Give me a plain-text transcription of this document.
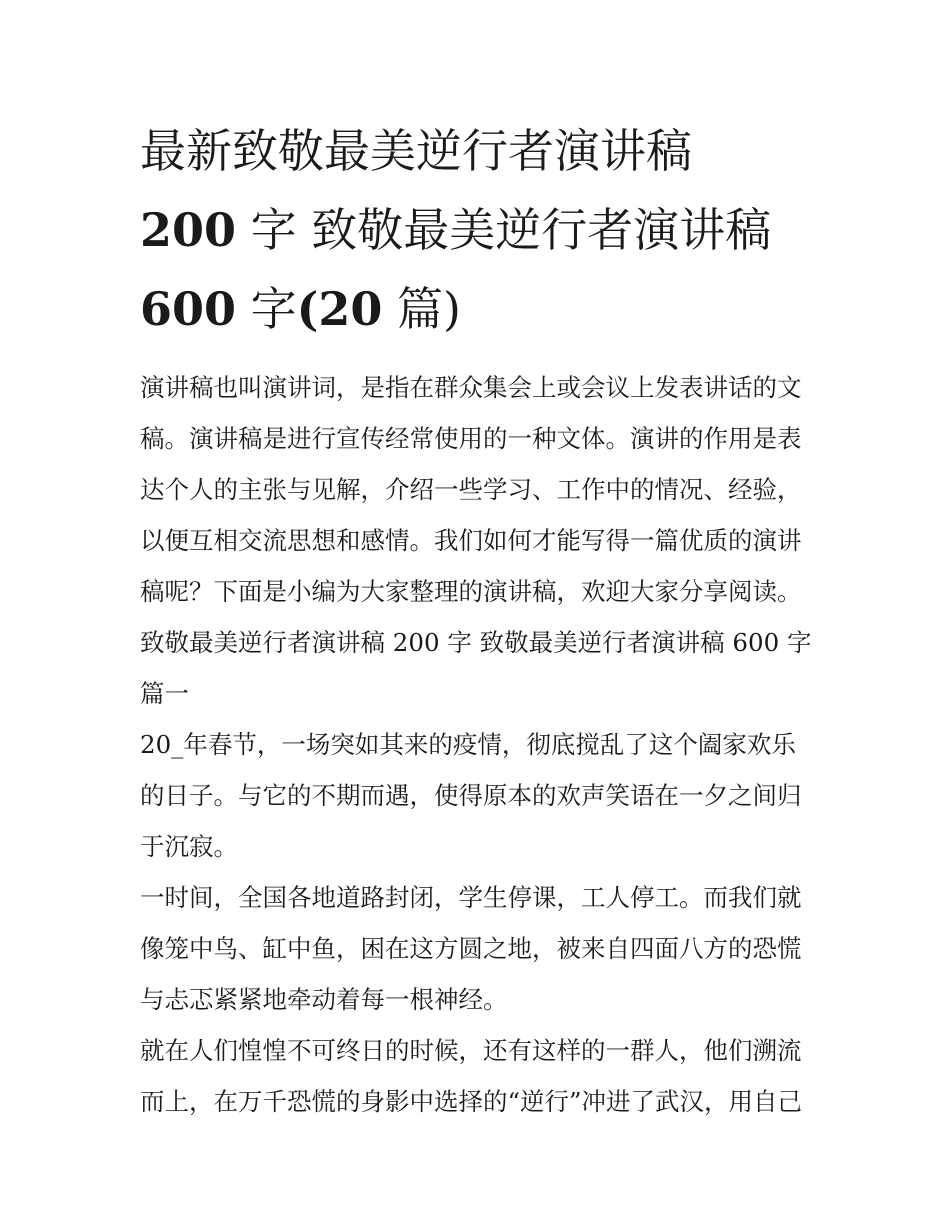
最新致敬最美逆行者演讲稿
200 字 致敬最美逆行者演讲稿
600 字(20 篇)

演讲稿也叫演讲词，是指在群众集会上或会议上发表讲话的文稿。演讲稿是进行宣传经常使用的一种文体。演讲的作用是表达个人的主张与见解，介绍一些学习、工作中的情况、经验，以便互相交流思想和感情。我们如何才能写得一篇优质的演讲稿呢？下面是小编为大家整理的演讲稿，欢迎大家分享阅读。

致敬最美逆行者演讲稿 200 字 致敬最美逆行者演讲稿 600 字篇一

20_年春节，一场突如其来的疫情，彻底搅乱了这个阖家欢乐的日子。与它的不期而遇，使得原本的欢声笑语在一夕之间归于沉寂。

一时间，全国各地道路封闭，学生停课，工人停工。而我们就像笼中鸟、缸中鱼，困在这方圆之地，被来自四面八方的恐慌与忐忑紧紧地牵动着每一根神经。

就在人们惶惶不可终日的时候，还有这样的一群人，他们溯流而上，在万千恐慌的身影中选择的“逆行”冲进了武汉，用自己
